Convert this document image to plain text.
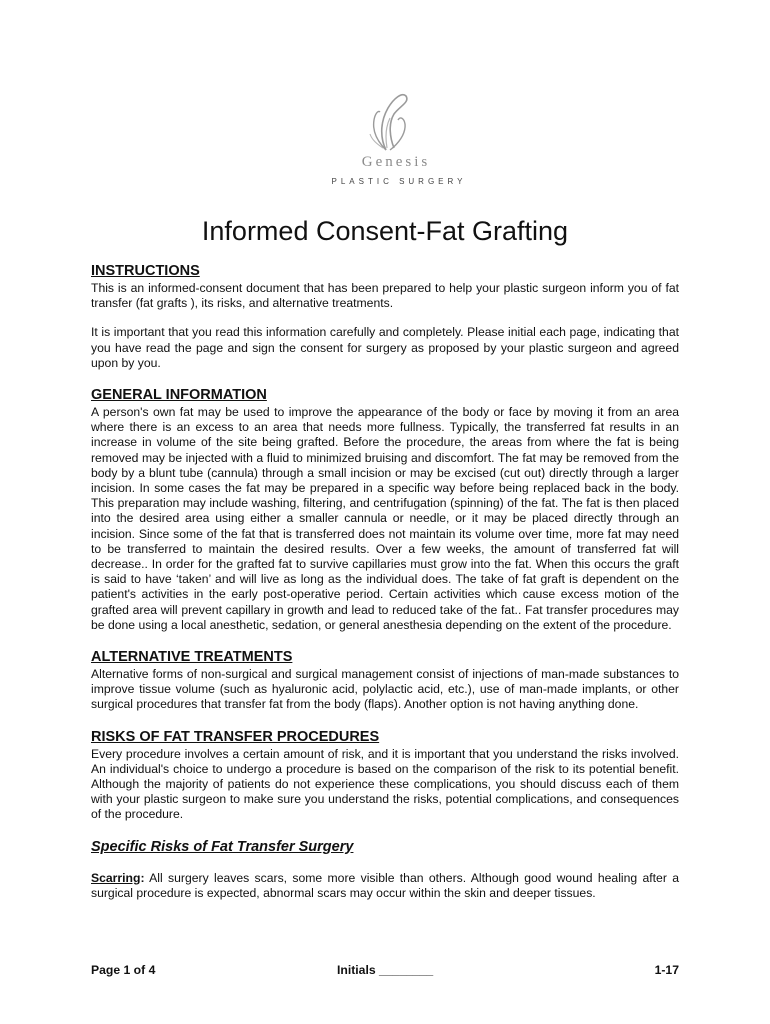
Genesis
PLASTIC SURGERY
Informed Consent-Fat Grafting
INSTRUCTIONS

This is an informed-consent document that has been prepared to help your plastic surgeon inform you of fat transfer (fat grafts ), its risks, and alternative treatments.

It is important that you read this information carefully and completely. Please initial each page, indicating that you have read the page and sign the consent for surgery as proposed by your plastic surgeon and agreed upon by you.

GENERAL INFORMATION

A person's own fat may be used to improve the appearance of the body or face by moving it from an area where there is an excess to an area that needs more fullness. Typically, the transferred fat results in an increase in volume of the site being grafted. Before the procedure, the areas from where the fat is being removed may be injected with a fluid to minimized bruising and discomfort. The fat may be removed from the body by a blunt tube (cannula) through a small incision or may be excised (cut out) directly through a larger incision. In some cases the fat may be prepared in a specific way before being replaced back in the body. This preparation may include washing, filtering, and centrifugation (spinning) of the fat. The fat is then placed into the desired area using either a smaller cannula or needle, or it may be placed directly through an incision. Since some of the fat that is transferred does not maintain its volume over time, more fat may need to be transferred to maintain the desired results. Over a few weeks, the amount of transferred fat will decrease.. In order for the grafted fat to survive capillaries must grow into the fat. When this occurs the graft is said to have ‘taken’ and will live as long as the individual does. The take of fat graft is dependent on the patient's activities in the early post-operative period. Certain activities which cause excess motion of the grafted area will prevent capillary in growth and lead to reduced take of the fat.. Fat transfer procedures may be done using a local anesthetic, sedation, or general anesthesia depending on the extent of the procedure.

ALTERNATIVE TREATMENTS

Alternative forms of non-surgical and surgical management consist of injections of man-made substances to improve tissue volume (such as hyaluronic acid, polylactic acid, etc.), use of man-made implants, or other surgical procedures that transfer fat from the body (flaps). Another option is not having anything done.

RISKS OF FAT TRANSFER PROCEDURES

Every procedure involves a certain amount of risk, and it is important that you understand the risks involved. An individual's choice to undergo a procedure is based on the comparison of the risk to its potential benefit. Although the majority of patients do not experience these complications, you should discuss each of them with your plastic surgeon to make sure you understand the risks, potential complications, and consequences of the procedure.

Specific Risks of Fat Transfer Surgery

Scarring: All surgery leaves scars, some more visible than others. Although good wound healing after a surgical procedure is expected, abnormal scars may occur within the skin and deeper tissues.

Page 1 of 4	Initials ________	1-17
